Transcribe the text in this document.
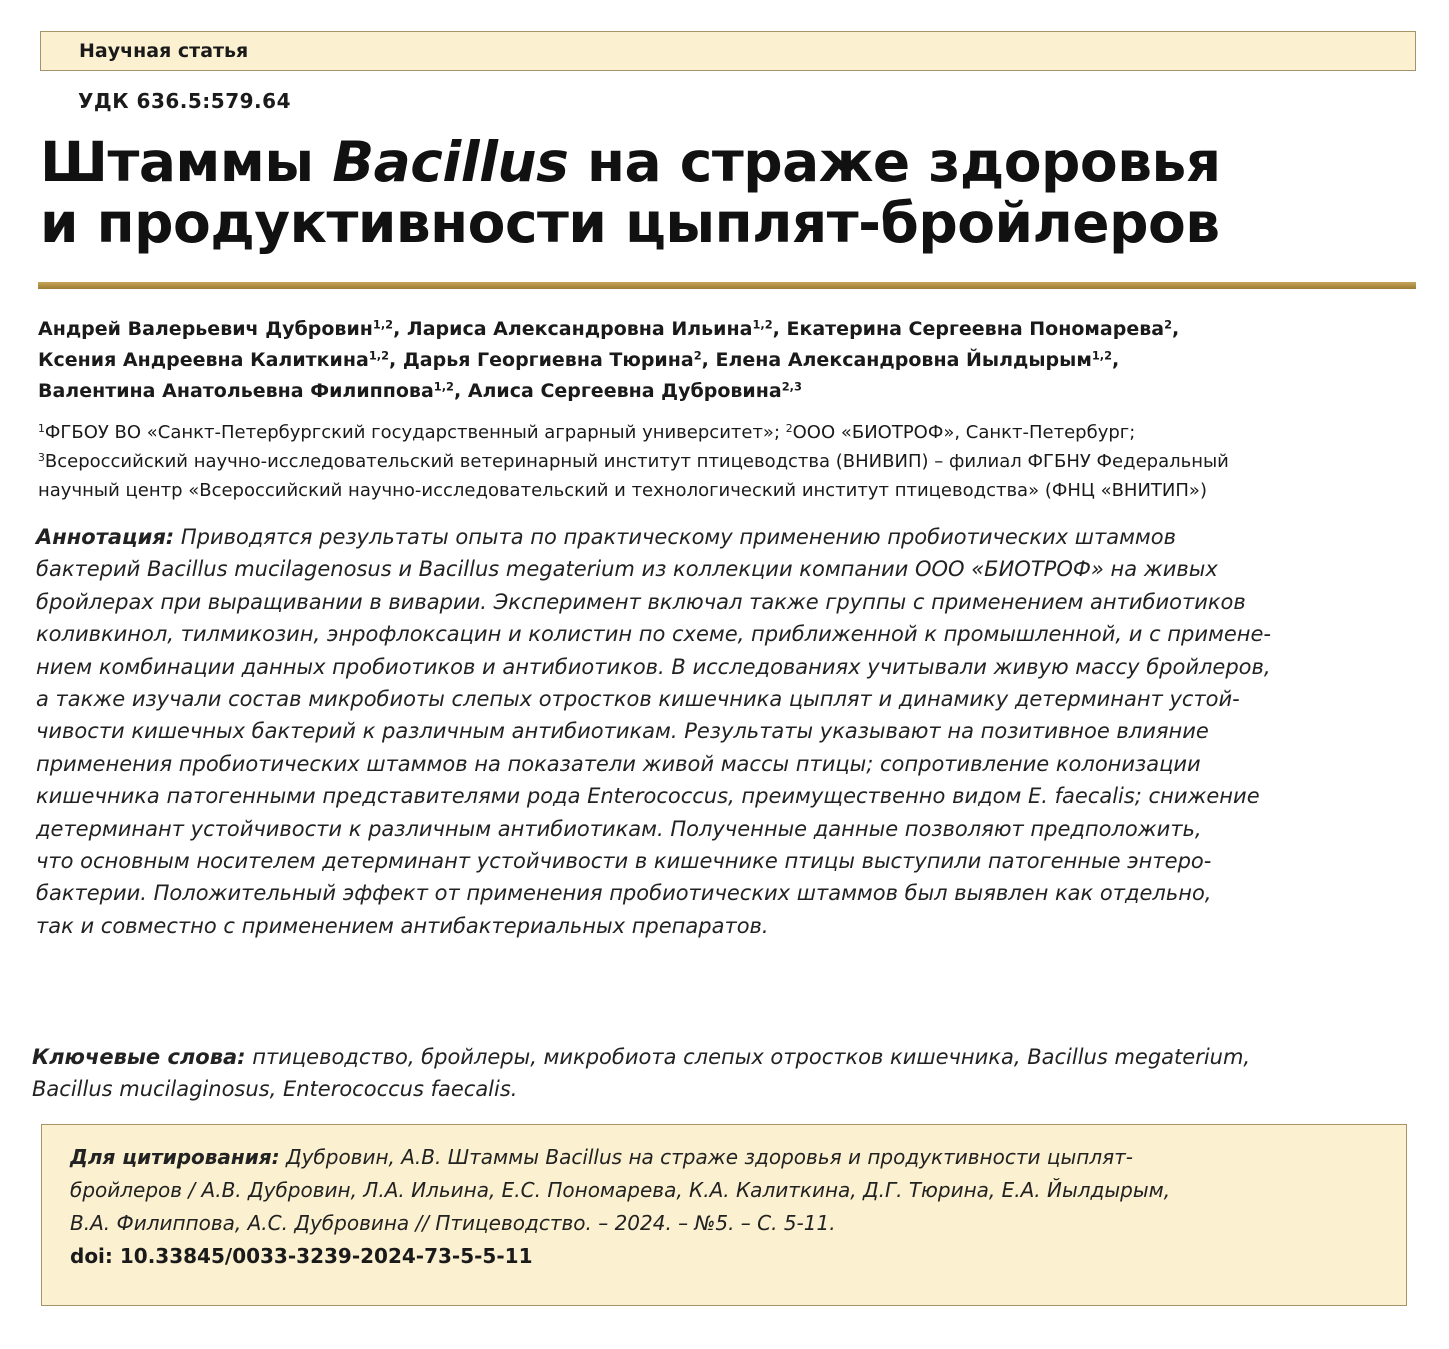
Научная статья
УДК 636.5:579.64
Штаммы Bacillus на страже здоровья
и продуктивности цыплят-бройлеров
Андрей Валерьевич Дубровин$^{1,2}$, Лариса Александровна Ильина$^{1,2}$, Екатерина Сергеевна Пономарева$^2$,
Ксения Андреевна Калиткина$^{1,2}$, Дарья Георгиевна Тюрина$^2$, Елена Александровна Йылдырым$^{1,2}$,
Валентина Анатольевна Филиппова$^{1,2}$, Алиса Сергеевна Дубровина$^{2,3}$
$^1$ФГБОУ ВО «Санкт-Петербургский государственный аграрный университет»; $^2$ООО «БИОТРОФ», Санкт-Петербург;
$^3$Всероссийский научно-исследовательский ветеринарный институт птицеводства (ВНИВИП) – филиал ФГБНУ Федеральный
научный центр «Всероссийский научно-исследовательский и технологический институт птицеводства» (ФНЦ «ВНИТИП»)
Аннотация: Приводятся результаты опыта по практическому применению пробиотических штаммов
бактерий Bacillus mucilagenosus и Bacillus megaterium из коллекции компании ООО «БИОТРОФ» на живых
бройлерах при выращивании в виварии. Эксперимент включал также группы с применением антибиотиков
коливкинол, тилмикозин, энрофлоксацин и колистин по схеме, приближенной к промышленной, и с примене-
нием комбинации данных пробиотиков и антибиотиков. В исследованиях учитывали живую массу бройлеров,
а также изучали состав микробиоты слепых отростков кишечника цыплят и динамику детерминант устой-
чивости кишечных бактерий к различным антибиотикам. Результаты указывают на позитивное влияние
применения пробиотических штаммов на показатели живой массы птицы; сопротивление колонизации
кишечника патогенными представителями рода Enterococcus, преимущественно видом E. faecalis; снижение
детерминант устойчивости к различным антибиотикам. Полученные данные позволяют предположить,
что основным носителем детерминант устойчивости в кишечнике птицы выступили патогенные энтеро-
бактерии. Положительный эффект от применения пробиотических штаммов был выявлен как отдельно,
так и совместно с применением антибактериальных препаратов.
Ключевые слова: птицеводство, бройлеры, микробиота слепых отростков кишечника, Bacillus megaterium,
Bacillus mucilaginosus, Enterococcus faecalis.
Для цитирования: Дубровин, А.В. Штаммы Bacillus на страже здоровья и продуктивности цыплят-
бройлеров / А.В. Дубровин, Л.А. Ильина, Е.С. Пономарева, К.А. Калиткина, Д.Г. Тюрина, Е.А. Йылдырым,
В.А. Филиппова, А.С. Дубровина // Птицеводство. – 2024. – №5. – С. 5-11.
doi: 10.33845/0033-3239-2024-73-5-5-11
